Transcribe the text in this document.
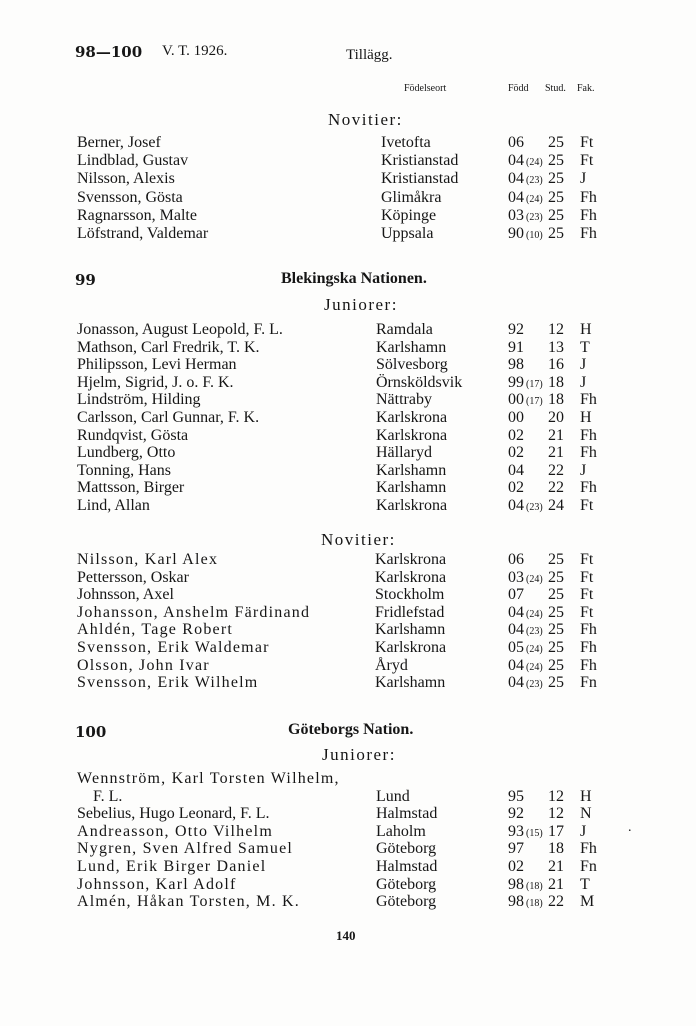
98—100 V. T. 1926.	Tillägg.
Födelseort	Född Stud. Fak.
Novitier:
Berner, Josef	Ivetofta	06 25 Ft
Lindblad, Gustav	Kristianstad	04 (24) 25 Ft
Nilsson, Alexis	Kristianstad	04 (23) 25 J
Svensson, Gösta	Glimåkra	04 (24) 25 Fh
Ragnarsson, Malte	Köpinge	03 (23) 25 Fh
Löfstrand, Valdemar	Uppsala	90 (10) 25 Fh
99	Blekingska Nationen.
Juniorer:
Jonasson, August Leopold, F. L.	Ramdala	92 12 H
Mathson, Carl Fredrik, T. K.	Karlshamn	91 13 T
Philipsson, Levi Herman	Sölvesborg	98 16 J
Hjelm, Sigrid, J. o. F. K.	Örnsköldsvik	99 (17) 18 J
Lindström, Hilding	Nättraby	00 (17) 18 Fh
Carlsson, Carl Gunnar, F. K.	Karlskrona	00 20 H
Rundqvist, Gösta	Karlskrona	02 21 Fh
Lundberg, Otto	Hällaryd	02 21 Fh
Tonning, Hans	Karlshamn	04 22 J
Mattsson, Birger	Karlshamn	02 22 Fh
Lind, Allan	Karlskrona	04 (23) 24 Ft
Novitier:
Nilsson, Karl Alex	Karlskrona	06 25 Ft
Pettersson, Oskar	Karlskrona	03 (24) 25 Ft
Johnsson, Axel	Stockholm	07 25 Ft
Johansson, Anshelm Färdinand	Fridlefstad	04 (24) 25 Ft
Ahldén, Tage Robert	Karlshamn	04 (23) 25 Fh
Svensson, Erik Waldemar	Karlskrona	05 (24) 25 Fh
Olsson, John Ivar	Åryd	04 (24) 25 Fh
Svensson, Erik Wilhelm	Karlshamn	04 (23) 25 Fn
100	Göteborgs Nation.
Juniorer:
Wennström, Karl Torsten Wilhelm,
F. L.	Lund	95 12 H
Sebelius, Hugo Leonard, F. L.	Halmstad	92 12 N
Andreasson, Otto Vilhelm	Laholm	93 (15) 17 J
Nygren, Sven Alfred Samuel	Göteborg	97 18 Fh
Lund, Erik Birger Daniel	Halmstad	02 21 Fn
Johnsson, Karl Adolf	Göteborg	98 (18) 21 T
Almén, Håkan Torsten, M. K.	Göteborg	98 (18) 22 M
140
.
